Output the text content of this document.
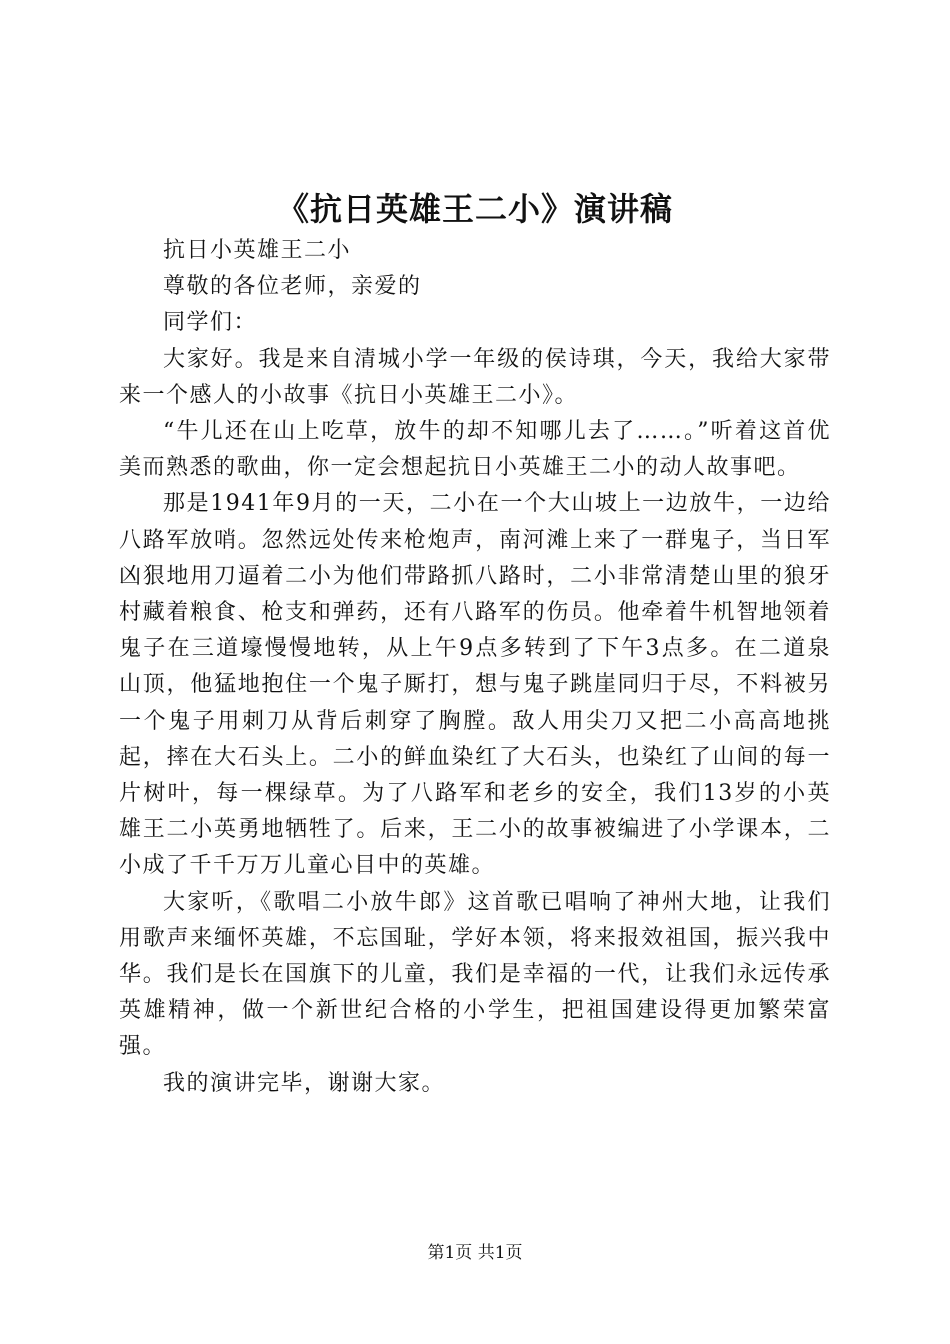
《抗日英雄王二小》演讲稿

抗日小英雄王二小

尊敬的各位老师，亲爱的

同学们：

大家好。我是来自清城小学一年级的侯诗琪，今天，我给大家带来一个感人的小故事《抗日小英雄王二小》。

“牛儿还在山上吃草，放牛的却不知哪儿去了……。”听着这首优美而熟悉的歌曲，你一定会想起抗日小英雄王二小的动人故事吧。

那是1941年9月的一天，二小在一个大山坡上一边放牛，一边给八路军放哨。忽然远处传来枪炮声，南河滩上来了一群鬼子，当日军凶狠地用刀逼着二小为他们带路抓八路时，二小非常清楚山里的狼牙村藏着粮食、枪支和弹药，还有八路军的伤员。他牵着牛机智地领着鬼子在三道壕慢慢地转，从上午9点多转到了下午3点多。在二道泉山顶，他猛地抱住一个鬼子厮打，想与鬼子跳崖同归于尽，不料被另一个鬼子用刺刀从背后刺穿了胸膛。敌人用尖刀又把二小高高地挑起，摔在大石头上。二小的鲜血染红了大石头，也染红了山间的每一片树叶，每一棵绿草。为了八路军和老乡的安全，我们13岁的小英雄王二小英勇地牺牲了。后来，王二小的故事被编进了小学课本，二小成了千千万万儿童心目中的英雄。

大家听，《歌唱二小放牛郎》这首歌已唱响了神州大地，让我们用歌声来缅怀英雄，不忘国耻，学好本领，将来报效祖国，振兴我中华。我们是长在国旗下的儿童，我们是幸福的一代，让我们永远传承英雄精神，做一个新世纪合格的小学生，把祖国建设得更加繁荣富强。

我的演讲完毕，谢谢大家。

第1页 共1页
